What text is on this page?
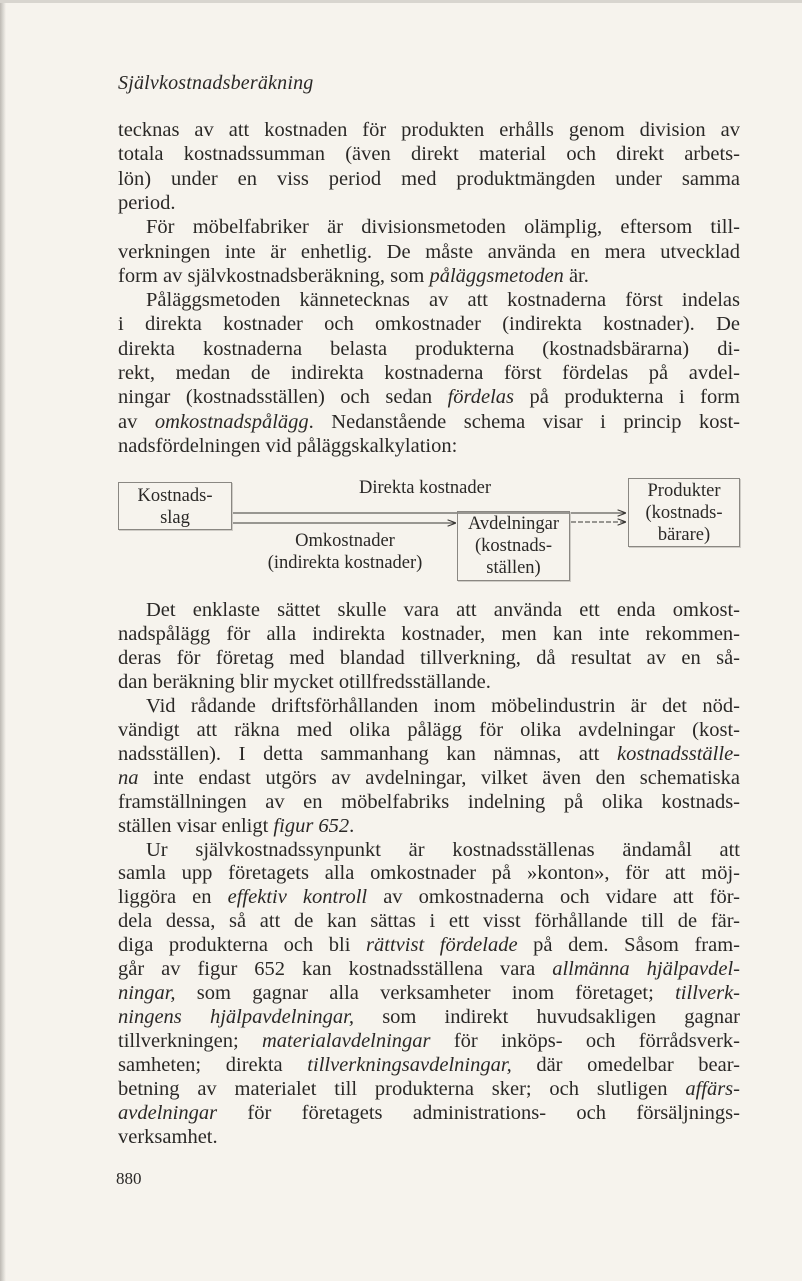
Självkostnadsberäkning
tecknas av att kostnaden för produkten erhålls genom division av
totala kostnadssumman (även direkt material och direkt arbets-
lön) under en viss period med produktmängden under samma
period.
För möbelfabriker är divisionsmetoden olämplig, eftersom till-
verkningen inte är enhetlig. De måste använda en mera utvecklad
form av självkostnadsberäkning, som påläggsmetoden är.
Påläggsmetoden kännetecknas av att kostnaderna först indelas
i direkta kostnader och omkostnader (indirekta kostnader). De
direkta kostnaderna belasta produkterna (kostnadsbärarna) di-
rekt, medan de indirekta kostnaderna först fördelas på avdel-
ningar (kostnadsställen) och sedan fördelas på produkterna i form
av omkostnadspålägg. Nedanstående schema visar i princip kost-
nadsfördelningen vid påläggskalkylation:
Kostnads-
slag
Direkta kostnader
Omkostnader
(indirekta kostnader)
Avdelningar
(kostnads-
ställen)
Produkter
(kostnads-
bärare)
Det enklaste sättet skulle vara att använda ett enda omkost-
nadspålägg för alla indirekta kostnader, men kan inte rekommen-
deras för företag med blandad tillverkning, då resultat av en så-
dan beräkning blir mycket otillfredsställande.
Vid rådande driftsförhållanden inom möbelindustrin är det nöd-
vändigt att räkna med olika pålägg för olika avdelningar (kost-
nadsställen). I detta sammanhang kan nämnas, att kostnadsställe-
na inte endast utgörs av avdelningar, vilket även den schematiska
framställningen av en möbelfabriks indelning på olika kostnads-
ställen visar enligt figur 652.
Ur självkostnadssynpunkt är kostnadsställenas ändamål att
samla upp företagets alla omkostnader på »konton», för att möj-
liggöra en effektiv kontroll av omkostnaderna och vidare att för-
dela dessa, så att de kan sättas i ett visst förhållande till de fär-
diga produkterna och bli rättvist fördelade på dem. Såsom fram-
går av figur 652 kan kostnadsställena vara allmänna hjälpavdel-
ningar, som gagnar alla verksamheter inom företaget; tillverk-
ningens hjälpavdelningar, som indirekt huvudsakligen gagnar
tillverkningen; materialavdelningar för inköps- och förrådsverk-
samheten; direkta tillverkningsavdelningar, där omedelbar bear-
betning av materialet till produkterna sker; och slutligen affärs-
avdelningar för företagets administrations- och försäljnings-
verksamhet.
880
